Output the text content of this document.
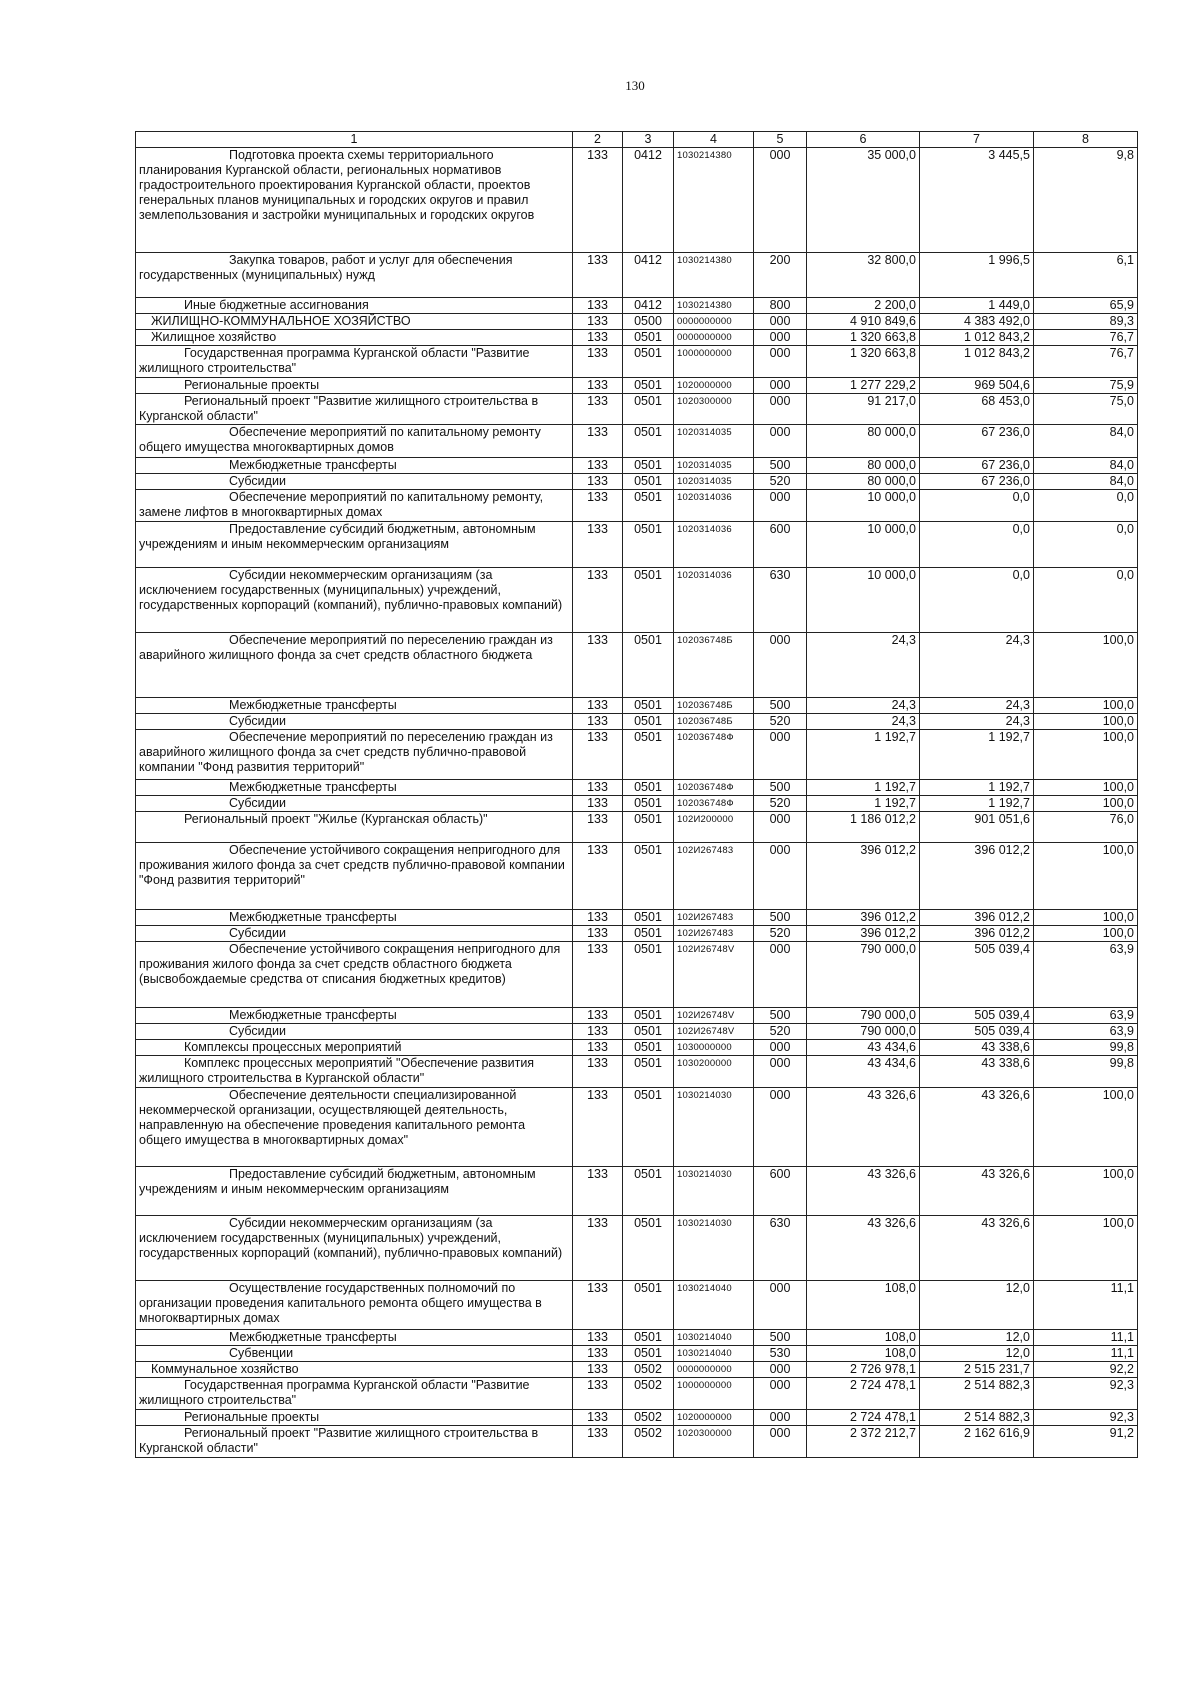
130
1	2	3	4	5	6	7	8
Подготовка проекта схемы территориального планирования Курганской области, региональных нормативов градостроительного проектирования Курганской области, проектов генеральных планов муниципальных и городских округов и правил землепользования и застройки муниципальных и городских округов	133	0412	1030214380	000	35 000,0	3 445,5	9,8
Закупка товаров, работ и услуг для обеспечения государственных (муниципальных) нужд	133	0412	1030214380	200	32 800,0	1 996,5	6,1
Иные бюджетные ассигнования	133	0412	1030214380	800	2 200,0	1 449,0	65,9
ЖИЛИЩНО-КОММУНАЛЬНОЕ ХОЗЯЙСТВО	133	0500	0000000000	000	4 910 849,6	4 383 492,0	89,3
Жилищное хозяйство	133	0501	0000000000	000	1 320 663,8	1 012 843,2	76,7
Государственная программа Курганской области "Развитие жилищного строительства"	133	0501	1000000000	000	1 320 663,8	1 012 843,2	76,7
Региональные проекты	133	0501	1020000000	000	1 277 229,2	969 504,6	75,9
Региональный проект "Развитие жилищного строительства в Курганской области"	133	0501	1020300000	000	91 217,0	68 453,0	75,0
Обеспечение мероприятий по капитальному ремонту общего имущества многоквартирных домов	133	0501	1020314035	000	80 000,0	67 236,0	84,0
Межбюджетные трансферты	133	0501	1020314035	500	80 000,0	67 236,0	84,0
Субсидии	133	0501	1020314035	520	80 000,0	67 236,0	84,0
Обеспечение мероприятий по капитальному ремонту, замене лифтов в многоквартирных домах	133	0501	1020314036	000	10 000,0	0,0	0,0
Предоставление субсидий бюджетным, автономным учреждениям и иным некоммерческим организациям	133	0501	1020314036	600	10 000,0	0,0	0,0
Субсидии некоммерческим организациям (за исключением государственных (муниципальных) учреждений, государственных корпораций (компаний), публично-правовых компаний)	133	0501	1020314036	630	10 000,0	0,0	0,0
Обеспечение мероприятий по переселению граждан из аварийного жилищного фонда за счет средств областного бюджета	133	0501	102036748Б	000	24,3	24,3	100,0
Межбюджетные трансферты	133	0501	102036748Б	500	24,3	24,3	100,0
Субсидии	133	0501	102036748Б	520	24,3	24,3	100,0
Обеспечение мероприятий по переселению граждан из аварийного жилищного фонда за счет средств публично-правовой компании "Фонд развития территорий"	133	0501	102036748Ф	000	1 192,7	1 192,7	100,0
Межбюджетные трансферты	133	0501	102036748Ф	500	1 192,7	1 192,7	100,0
Субсидии	133	0501	102036748Ф	520	1 192,7	1 192,7	100,0
Региональный проект "Жилье (Курганская область)"	133	0501	102И200000	000	1 186 012,2	901 051,6	76,0
Обеспечение устойчивого сокращения непригодного для проживания жилого фонда за счет средств публично-правовой компании "Фонд развития территорий"	133	0501	102И267483	000	396 012,2	396 012,2	100,0
Межбюджетные трансферты	133	0501	102И267483	500	396 012,2	396 012,2	100,0
Субсидии	133	0501	102И267483	520	396 012,2	396 012,2	100,0
Обеспечение устойчивого сокращения непригодного для проживания жилого фонда за счет средств областного бюджета (высвобождаемые средства от списания бюджетных кредитов)	133	0501	102И26748V	000	790 000,0	505 039,4	63,9
Межбюджетные трансферты	133	0501	102И26748V	500	790 000,0	505 039,4	63,9
Субсидии	133	0501	102И26748V	520	790 000,0	505 039,4	63,9
Комплексы процессных мероприятий	133	0501	1030000000	000	43 434,6	43 338,6	99,8
Комплекс процессных мероприятий "Обеспечение развития жилищного строительства в Курганской области"	133	0501	1030200000	000	43 434,6	43 338,6	99,8
Обеспечение деятельности специализированной некоммерческой организации, осуществляющей деятельность, направленную на обеспечение проведения капитального ремонта общего имущества в многоквартирных домах"	133	0501	1030214030	000	43 326,6	43 326,6	100,0
Предоставление субсидий бюджетным, автономным учреждениям и иным некоммерческим организациям	133	0501	1030214030	600	43 326,6	43 326,6	100,0
Субсидии некоммерческим организациям (за исключением государственных (муниципальных) учреждений, государственных корпораций (компаний), публично-правовых компаний)	133	0501	1030214030	630	43 326,6	43 326,6	100,0
Осуществление государственных полномочий по организации проведения капитального ремонта общего имущества в многоквартирных домах	133	0501	1030214040	000	108,0	12,0	11,1
Межбюджетные трансферты	133	0501	1030214040	500	108,0	12,0	11,1
Субвенции	133	0501	1030214040	530	108,0	12,0	11,1
Коммунальное хозяйство	133	0502	0000000000	000	2 726 978,1	2 515 231,7	92,2
Государственная программа Курганской области "Развитие жилищного строительства"	133	0502	1000000000	000	2 724 478,1	2 514 882,3	92,3
Региональные проекты	133	0502	1020000000	000	2 724 478,1	2 514 882,3	92,3
Региональный проект "Развитие жилищного строительства в Курганской области"	133	0502	1020300000	000	2 372 212,7	2 162 616,9	91,2
